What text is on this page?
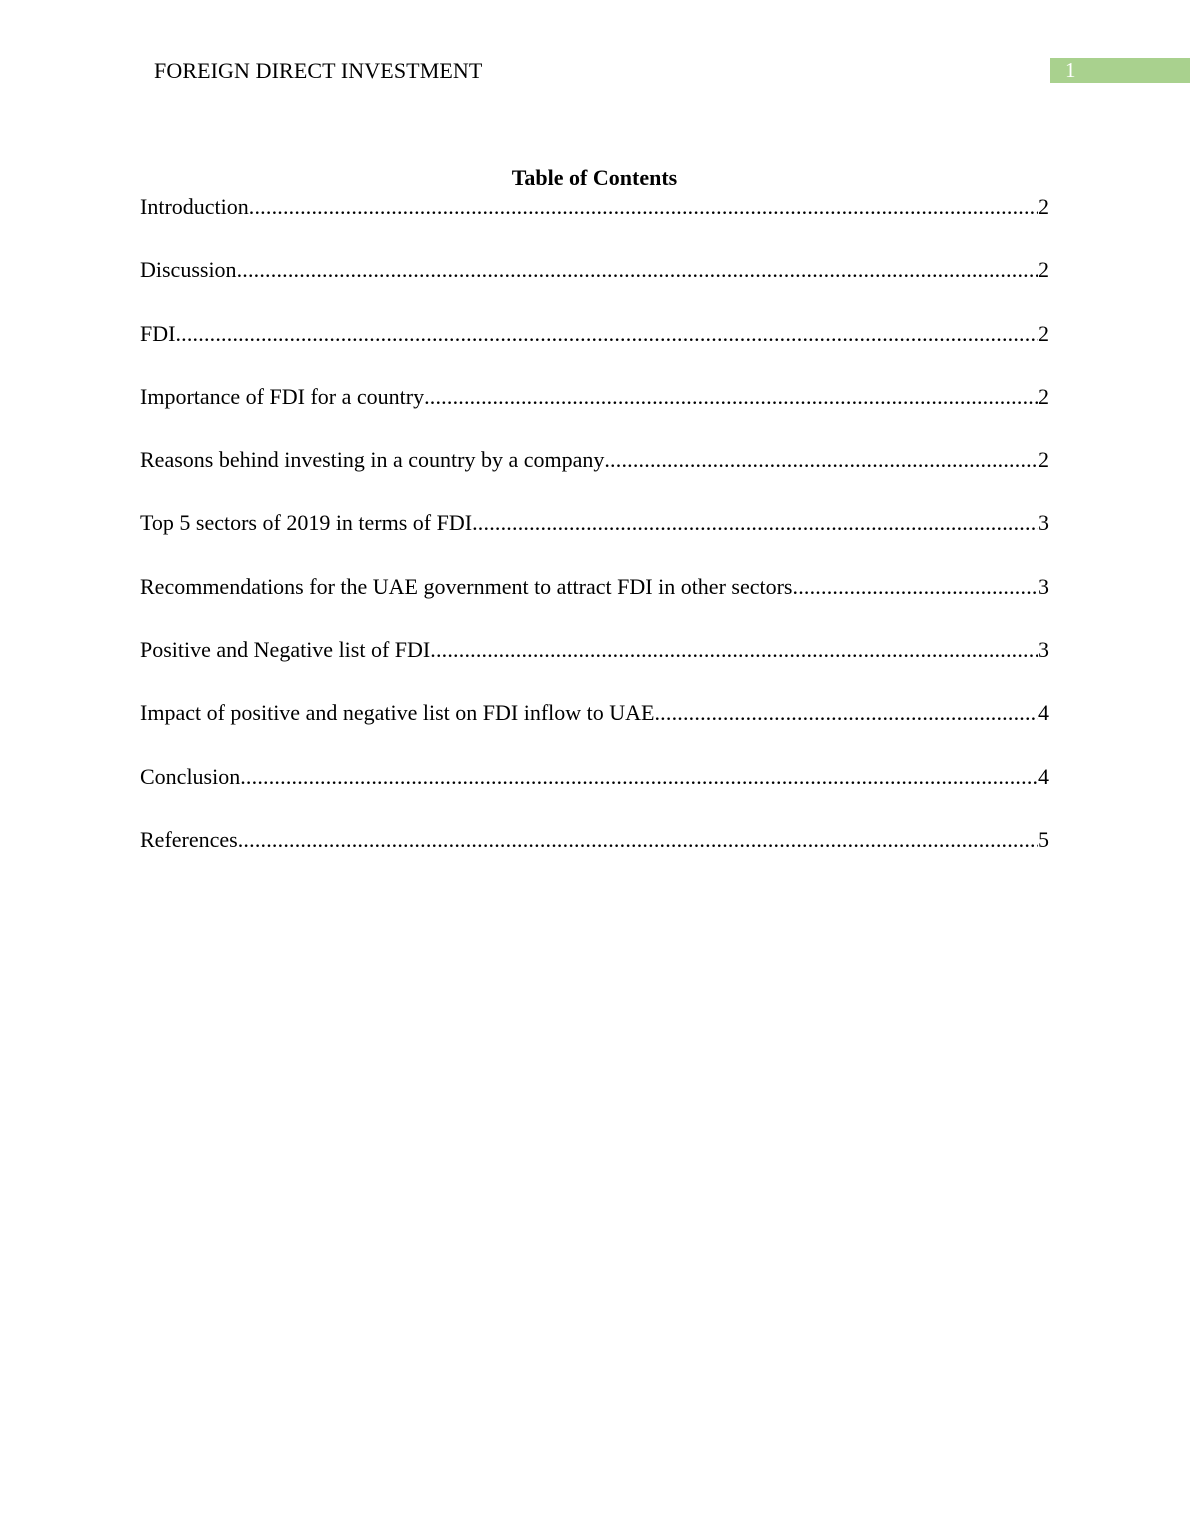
FOREIGN DIRECT INVESTMENT	1
Table of Contents
Introduction .....	2
Discussion .....	2
FDI .....	2
Importance of FDI for a country .....	2
Reasons behind investing in a country by a company .....	2
Top 5 sectors of 2019 in terms of FDI .....	3
Recommendations for the UAE government to attract FDI in other sectors .....	3
Positive and Negative list of FDI .....	3
Impact of positive and negative list on FDI inflow to UAE .....	4
Conclusion .....	4
References .....	5
